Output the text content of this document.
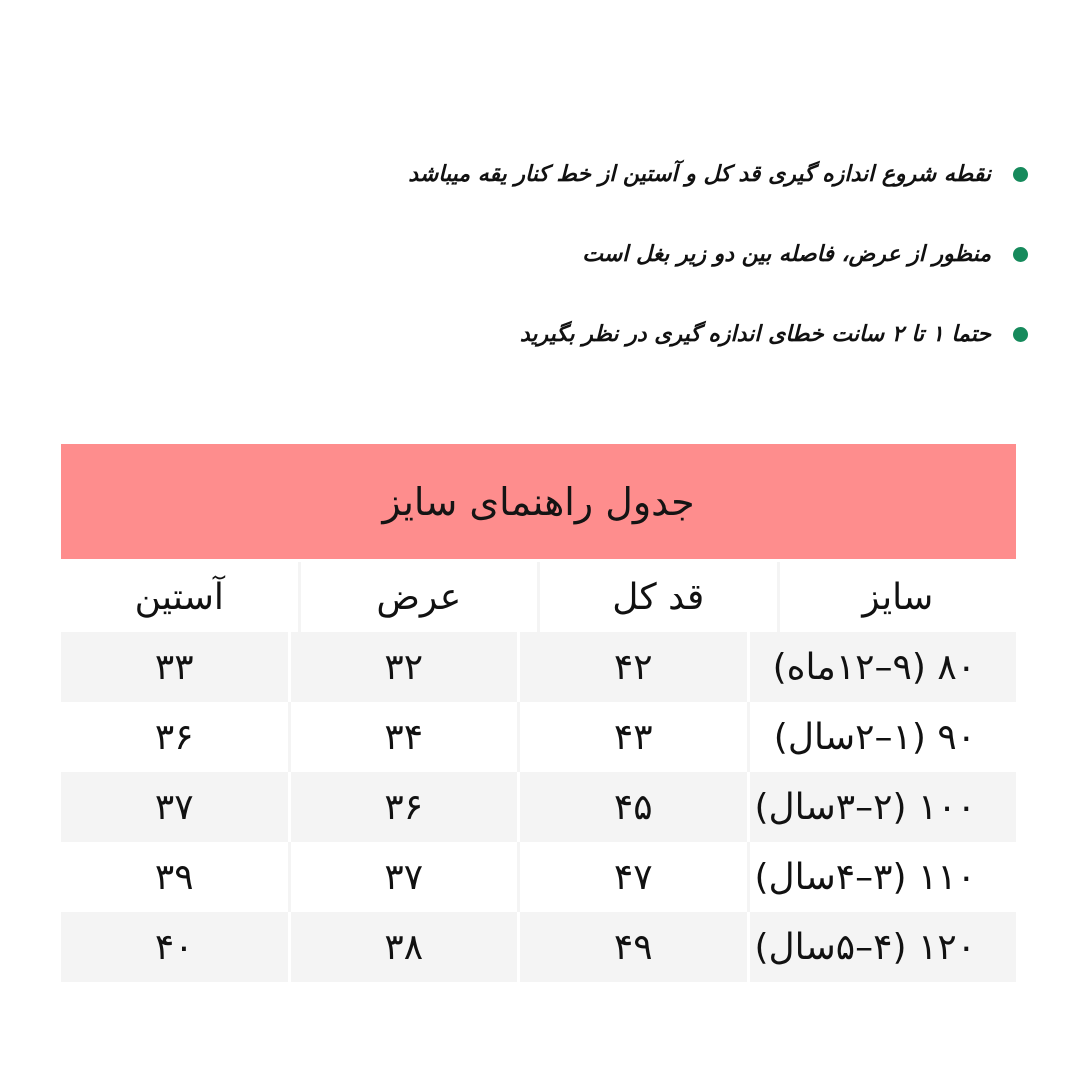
نقطه شروع اندازه گیری قد کل و آستین از خط کنار یقه میباشد
منظور از عرض، فاصله بین دو زیر بغل است
حتما ۱ تا ۲ سانت خطای اندازه گیری در نظر بگیرید
جدول راهنمای سایز
سایز
قد کل
عرض
آستین
۸۰ (۹–۱۲ماه)
۴۲
۳۲
۳۳
۹۰ (۱–۲سال)
۴۳
۳۴
۳۶
۱۰۰ (۲–۳سال)
۴۵
۳۶
۳۷
۱۱۰ (۳–۴سال)
۴۷
۳۷
۳۹
۱۲۰ (۴–۵سال)
۴۹
۳۸
۴۰
